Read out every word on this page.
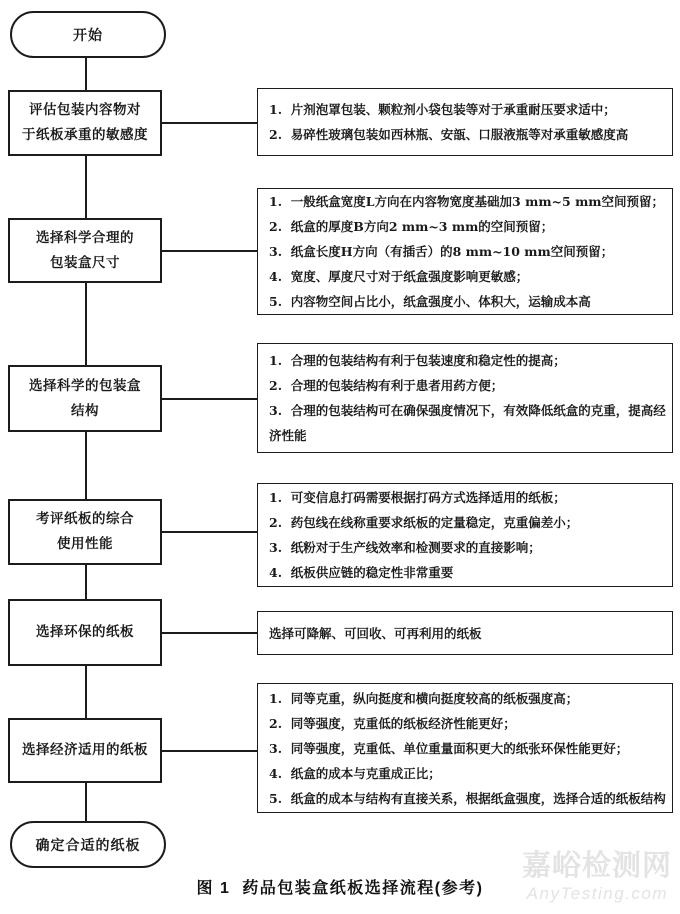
开始
评估包装内容物对
于纸板承重的敏感度
1.  片剂泡罩包装、颗粒剂小袋包装等对于承重耐压要求适中；
2.  易碎性玻璃包装如西林瓶、安瓿、口服液瓶等对承重敏感度高
选择科学合理的
包装盒尺寸
1.  一般纸盒宽度L方向在内容物宽度基础加3 mm~5 mm空间预留；
2.  纸盒的厚度B方向2 mm~3 mm的空间预留；
3.  纸盒长度H方向（有插舌）的8 mm~10 mm空间预留；
4.  宽度、厚度尺寸对于纸盒强度影响更敏感；
5.  内容物空间占比小，纸盒强度小、体积大，运输成本高
选择科学的包装盒
结构
1.  合理的包装结构有利于包装速度和稳定性的提高；
2.  合理的包装结构有利于患者用药方便；
3.  合理的包装结构可在确保强度情况下，有效降低纸盒的克重，提高经济性能
考评纸板的综合
使用性能
1.  可变信息打码需要根据打码方式选择适用的纸板；
2.  药包线在线称重要求纸板的定量稳定，克重偏差小；
3.  纸粉对于生产线效率和检测要求的直接影响；
4.  纸板供应链的稳定性非常重要
选择环保的纸板	选择可降解、可回收、可再利用的纸板
选择经济适用的纸板
1.  同等克重，纵向挺度和横向挺度较高的纸板强度高；
2.  同等强度，克重低的纸板经济性能更好；
3.  同等强度，克重低、单位重量面积更大的纸张环保性能更好；
4.  纸盒的成本与克重成正比；
5.  纸盒的成本与结构有直接关系，根据纸盒强度，选择合适的纸板结构
确定合适的纸板
图 1  药品包装盒纸板选择流程(参考)
嘉峪检测网
AnyTesting.com
